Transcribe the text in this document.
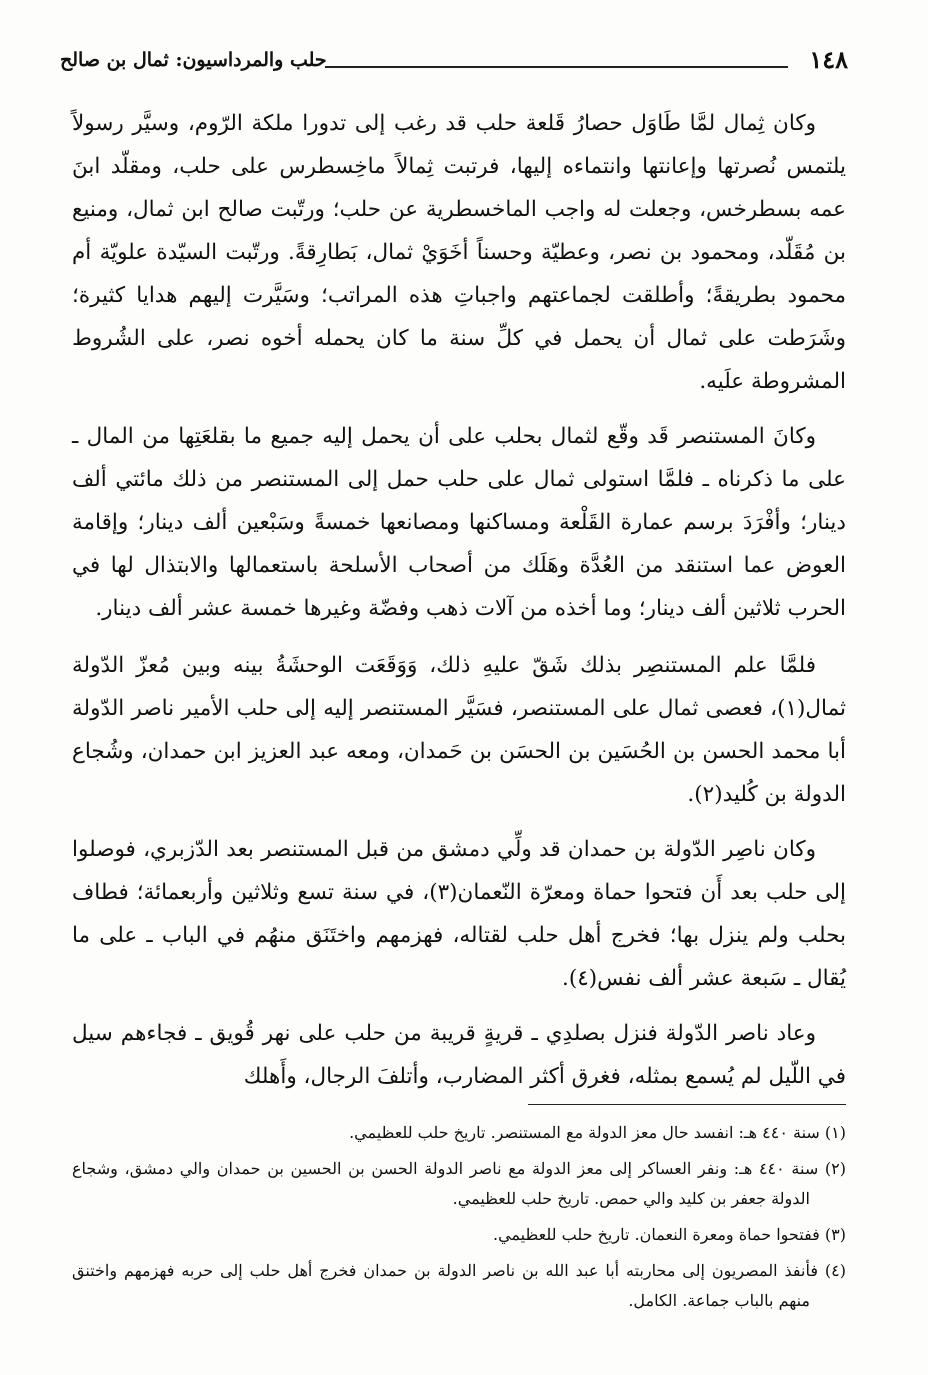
١٤٨
حلب والمرداسيون: ثمال بن صالح

وكان ثِمال لمَّا طَاوَل حصارُ قَلعة حلب قد رغب إلى تدورا ملكة الرّوم، وسيَّر رسولاً يلتمس نُصرتها وإعانتها وانتماءه إليها، فرتبت ثِمالاً ماخِسطرس على حلب، ومقلّد ابنَ عمه بسطرخس، وجعلت له واجب الماخسطرية عن حلب؛ ورتّبت صالح ابن ثمال، ومنيع بن مُقَلّد، ومحمود بن نصر، وعطيّة وحسناً أخَوَيْ ثمال، بَطارِقةً. ورتّبت السيّدة علويّة أم محمود بطريقةً؛ وأطلقت لجماعتهم واجباتِ هذه المراتب؛ وسَيَّرت إليهم هدايا كثيرة؛ وشَرَطت على ثمال أن يحمل في كلِّ سنة ما كان يحمله أخوه نصر، على الشُروط المشروطة علَيه.

وكانَ المستنصر قَد وقّع لثمال بحلب على أن يحمل إليه جميع ما بقلعَتِها من المال ـ على ما ذكرناه ـ فلمَّا استولى ثمال على حلب حمل إلى المستنصر من ذلك مائتي ألف دينار؛ وأفْرَدَ برسم عمارة القَلْعة ومساكنها ومصانعها خمسةً وسَبْعين ألف دينار؛ وإقامة العوض عما استنقد من العُدَّة وهَلَك من أصحاب الأسلحة باستعمالها والابتذال لها في الحرب ثلاثين ألف دينار؛ وما أخذه من آلات ذهب وفضّة وغيرها خمسة عشر ألف دينار.

فلمَّا علم المستنصِر بذلك شَقّ عليهِ ذلك، وَوَقَعَت الوحشَةُ بينه وبين مُعزّ الدّولة ثمال(١)، فعصى ثمال على المستنصر، فسَيَّر المستنصر إليه إلى حلب الأمير ناصر الدّولة أبا محمد الحسن بن الحُسَين بن الحسَن بن حَمدان، ومعه عبد العزيز ابن حمدان، وشُجاع الدولة بن كُليد(٢).

وكان ناصِر الدّولة بن حمدان قد ولِّي دمشق من قبل المستنصر بعد الدّزبري، فوصلوا إلى حلب بعد أَن فتحوا حماة ومعرّة النّعمان(٣)، في سنة تسع وثلاثين وأربعمائة؛ فطاف بحلب ولم ينزل بها؛ فخرج أهل حلب لقتاله، فهزمهم واختَنَق منهُم في الباب ـ على ما يُقال ـ سَبعة عشر ألف نفس(٤).

وعاد ناصر الدّولة فنزل بصلدِي ـ قريةٍ قريبة من حلب على نهر قُويق ـ فجاءهم سيل في اللّيل لم يُسمع بمثله، فغرق أكثر المضارب، وأتلفَ الرجال، وأَهلك

(١) سنة ٤٤٠ هـ: انفسد حال معز الدولة مع المستنصر. تاريخ حلب للعظيمي.

(٢) سنة ٤٤٠ هـ: ونفر العساكر إلى معز الدولة مع ناصر الدولة الحسن بن الحسين بن حمدان والي دمشق، وشجاع الدولة جعفر بن كليد والي حمص. تاريخ حلب للعظيمي.

(٣) ففتحوا حماة ومعرة النعمان. تاريخ حلب للعظيمي.

(٤) فأنفذ المصريون إلى محاربته أبا عبد الله بن ناصر الدولة بن حمدان فخرج أهل حلب إلى حربه فهزمهم واختنق منهم بالباب جماعة. الكامل.
